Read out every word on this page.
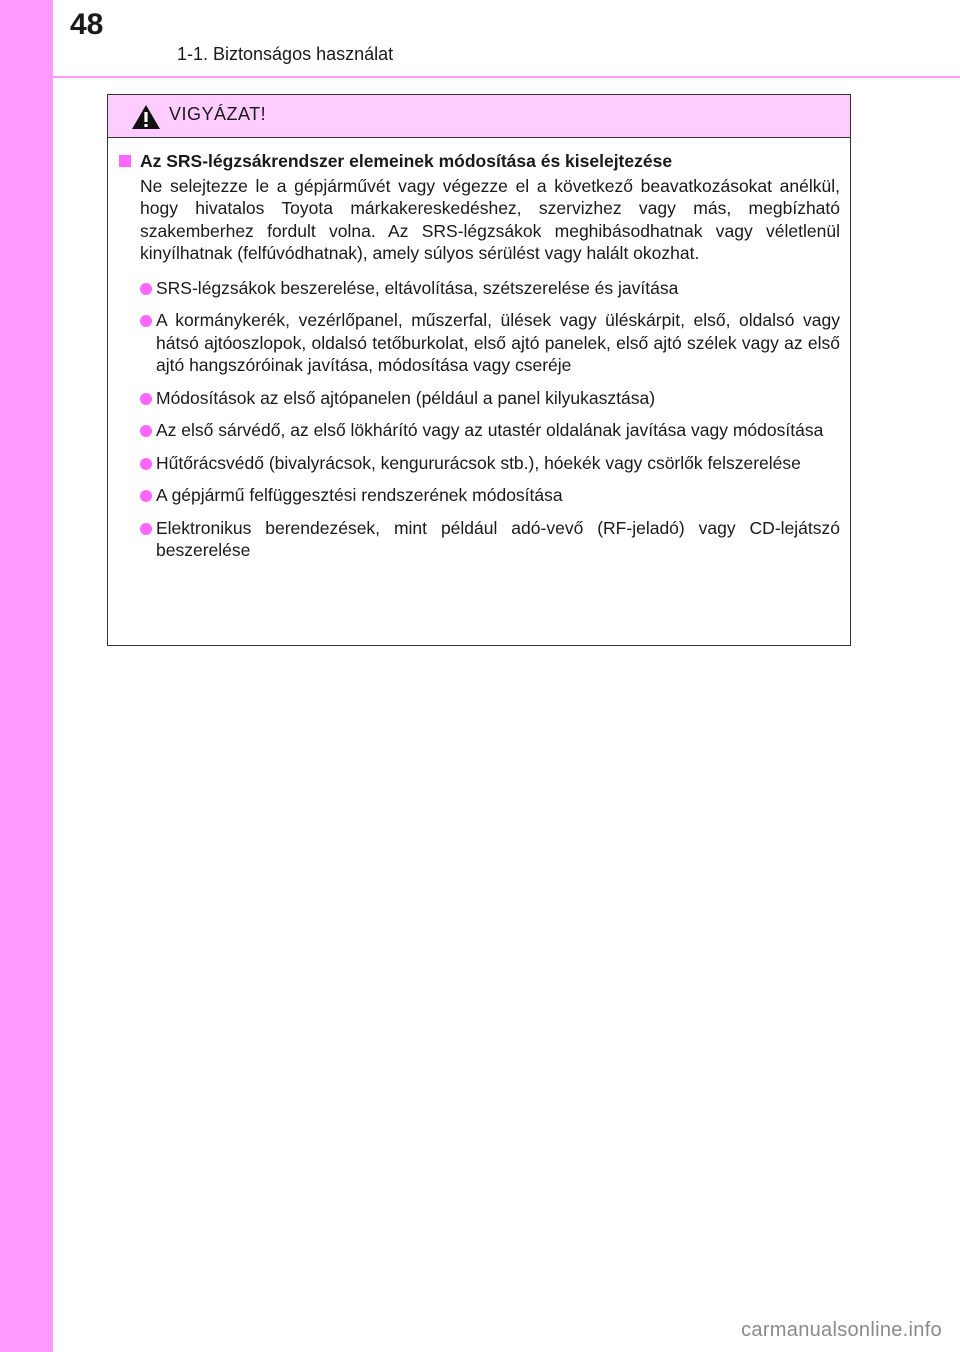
48
1-1. Biztonságos használat
VIGYÁZAT!
Az SRS-légzsákrendszer elemeinek módosítása és kiselejtezése
Ne selejtezze le a gépjárművét vagy végezze el a következő beavatkozásokat anélkül, hogy hivatalos Toyota márkakereskedéshez, szervizhez vagy más, megbízható szakemberhez fordult volna. Az SRS-légzsákok meghibásodhatnak vagy véletlenül kinyílhatnak (felfúvódhatnak), amely súlyos sérülést vagy halált okozhat.
SRS-légzsákok beszerelése, eltávolítása, szétszerelése és javítása
A kormánykerék, vezérlőpanel, műszerfal, ülések vagy üléskárpit, első, oldalsó vagy hátsó ajtóoszlopok, oldalsó tetőburkolat, első ajtó panelek, első ajtó szélek vagy az első ajtó hangszóróinak javítása, módosítása vagy cseréje
Módosítások az első ajtópanelen (például a panel kilyukasztása)
Az első sárvédő, az első lökhárító vagy az utastér oldalának javítása vagy módosítása
Hűtőrácsvédő (bivalyrácsok, kengururácsok stb.), hóekék vagy csörlők felszerelése
A gépjármű felfüggesztési rendszerének módosítása
Elektronikus berendezések, mint például adó-vevő (RF-jeladó) vagy CD-lejátszó beszerelése
carmanualsonline.info
